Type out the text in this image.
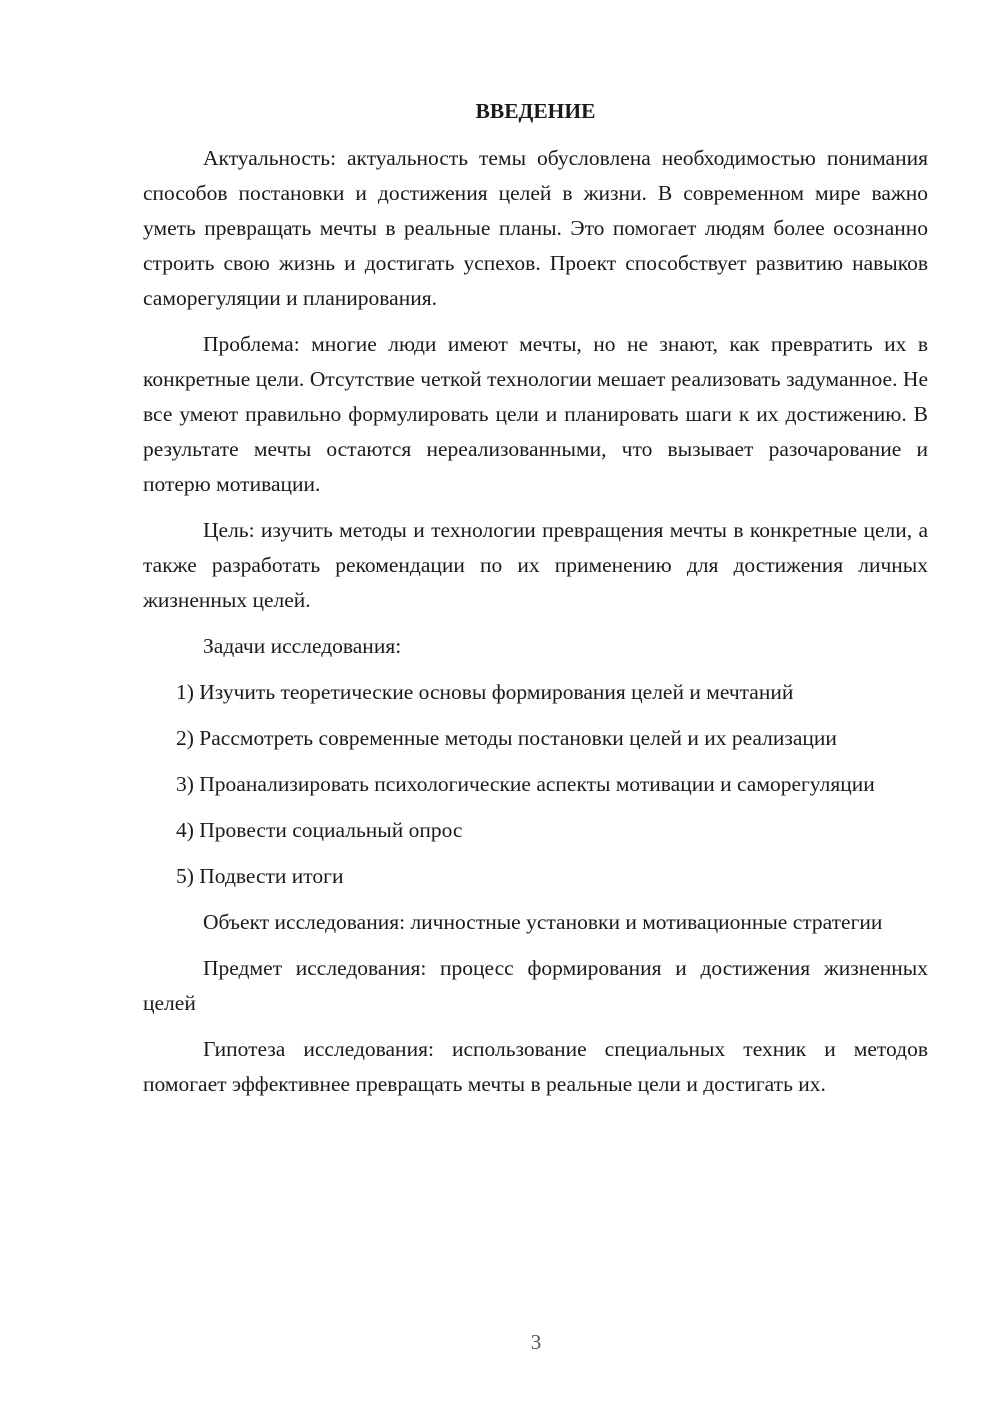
ВВЕДЕНИЕ

Актуальность: актуальность темы обусловлена необходимостью понимания способов постановки и достижения целей в жизни. В современном мире важно уметь превращать мечты в реальные планы. Это помогает людям более осознанно строить свою жизнь и достигать успехов. Проект способствует развитию навыков саморегуляции и планирования.

Проблема: многие люди имеют мечты, но не знают, как превратить их в конкретные цели. Отсутствие четкой технологии мешает реализовать задуманное. Не все умеют правильно формулировать цели и планировать шаги к их достижению. В результате мечты остаются нереализованными, что вызывает разочарование и потерю мотивации.

Цель: изучить методы и технологии превращения мечты в конкретные цели, а также разработать рекомендации по их применению для достижения личных жизненных целей.

Задачи исследования:

1) Изучить теоретические основы формирования целей и мечтаний

2) Рассмотреть современные методы постановки целей и их реализации

3) Проанализировать психологические аспекты мотивации и саморегуляции

4) Провести социальный опрос

5) Подвести итоги

Объект исследования: личностные установки и мотивационные стратегии

Предмет исследования: процесс формирования и достижения жизненных целей

Гипотеза исследования: использование специальных техник и методов помогает эффективнее превращать мечты в реальные цели и достигать их.

3
